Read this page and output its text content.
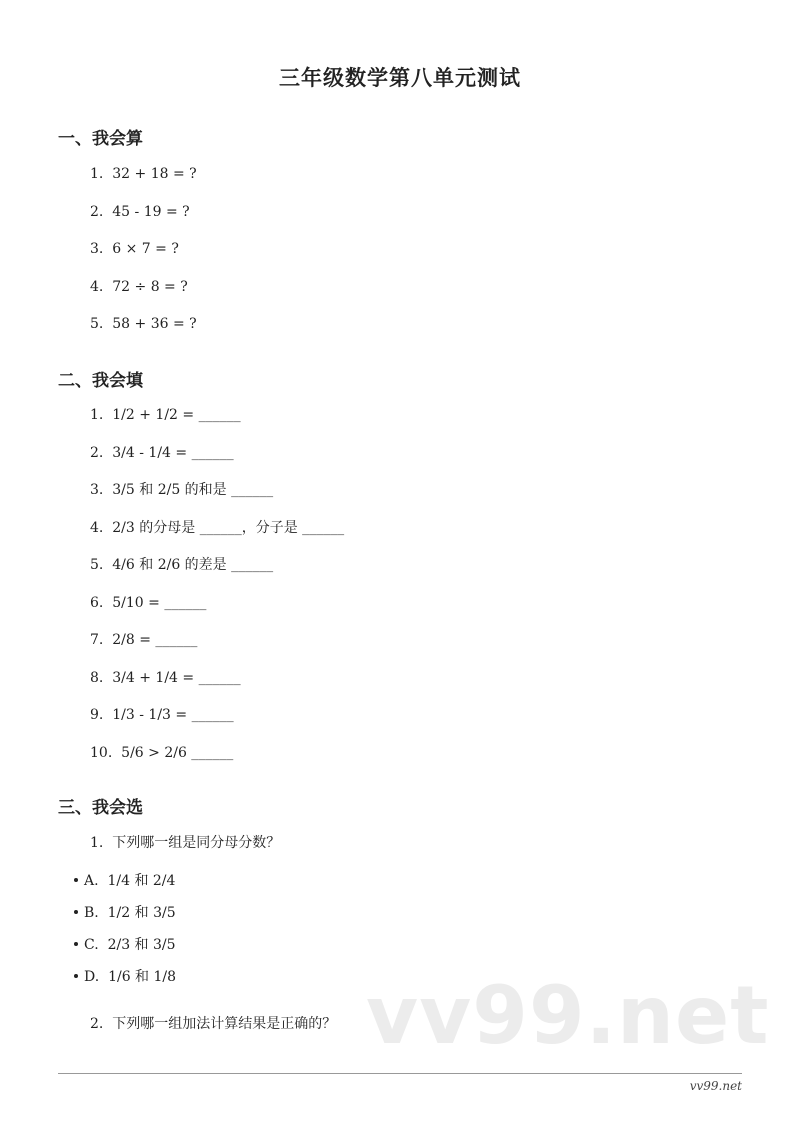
三年级数学第八单元测试
一、我会算
1.  32 + 18 = ?
2.  45 - 19 = ?
3.  6 × 7 = ?
4.  72 ÷ 8 = ?
5.  58 + 36 = ?
二、我会填
1.  1/2 + 1/2 = ______
2.  3/4 - 1/4 = ______
3.  3/5 和 2/5 的和是 ______
4.  2/3 的分母是 ______，分子是 ______
5.  4/6 和 2/6 的差是 ______
6.  5/10 = ______
7.  2/8 = ______
8.  3/4 + 1/4 = ______
9.  1/3 - 1/3 = ______
10.  5/6 > 2/6 ______
三、我会选
1.  下列哪一组是同分母分数？
A.  1/4 和 2/4
B.  1/2 和 3/5
C.  2/3 和 3/5
D.  1/6 和 1/8
2.  下列哪一组加法计算结果是正确的？ vv99.net
vv99.net
